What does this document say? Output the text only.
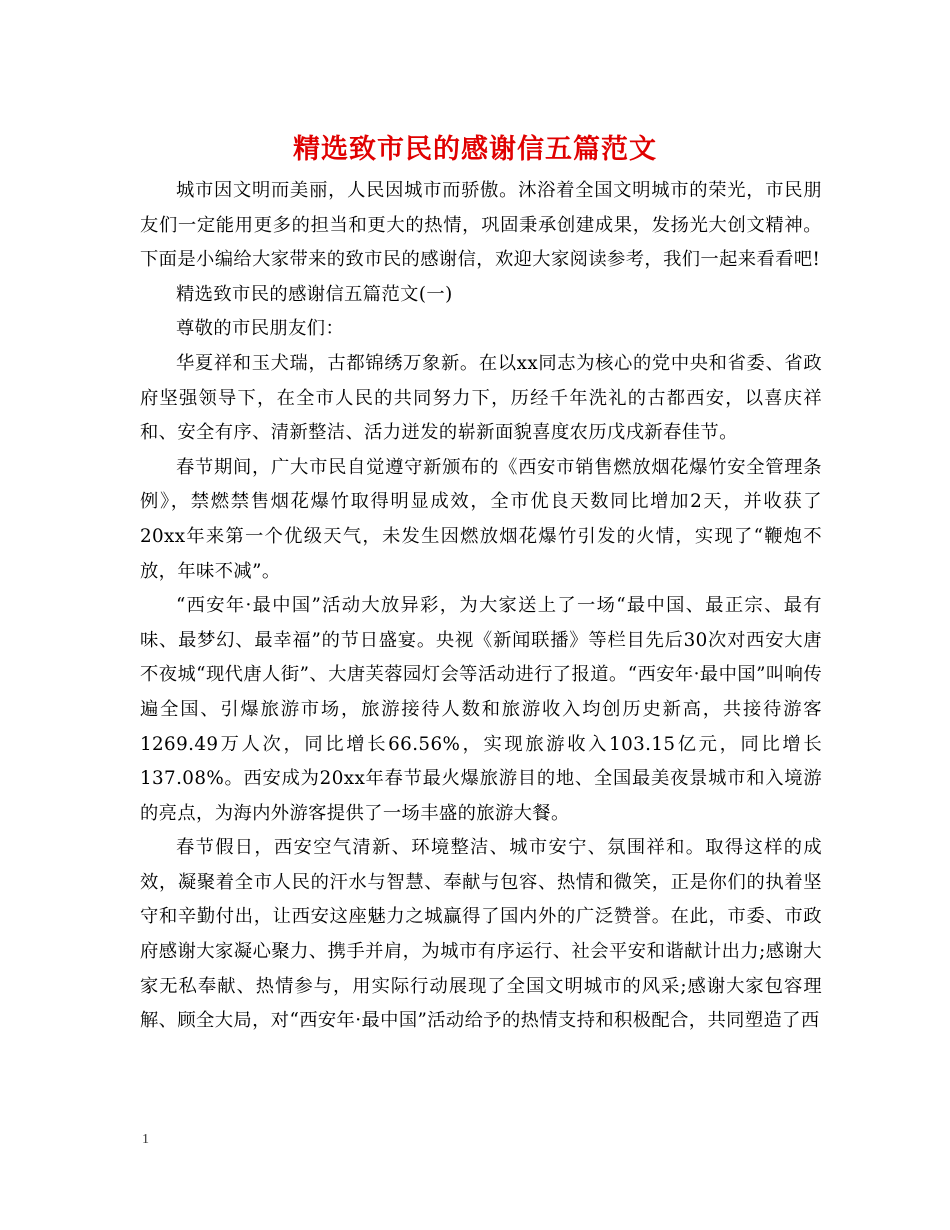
精选致市民的感谢信五篇范文

城市因文明而美丽，人民因城市而骄傲。沐浴着全国文明城市的荣光，市民朋友们一定能用更多的担当和更大的热情，巩固秉承创建成果，发扬光大创文精神。下面是小编给大家带来的致市民的感谢信，欢迎大家阅读参考，我们一起来看看吧!

精选致市民的感谢信五篇范文(一)

尊敬的市民朋友们：

华夏祥和玉犬瑞，古都锦绣万象新。在以xx同志为核心的党中央和省委、省政府坚强领导下，在全市人民的共同努力下，历经千年洗礼的古都西安，以喜庆祥和、安全有序、清新整洁、活力迸发的崭新面貌喜度农历戊戌新春佳节。

春节期间，广大市民自觉遵守新颁布的《西安市销售燃放烟花爆竹安全管理条例》，禁燃禁售烟花爆竹取得明显成效，全市优良天数同比增加2天，并收获了20xx年来第一个优级天气，未发生因燃放烟花爆竹引发的火情，实现了“鞭炮不放，年味不减”。

“西安年·最中国”活动大放异彩，为大家送上了一场“最中国、最正宗、最有味、最梦幻、最幸福”的节日盛宴。央视《新闻联播》等栏目先后30次对西安大唐不夜城“现代唐人街”、大唐芙蓉园灯会等活动进行了报道。“西安年·最中国”叫响传遍全国、引爆旅游市场，旅游接待人数和旅游收入均创历史新高，共接待游客1269.49万人次，同比增长66.56%，实现旅游收入103.15亿元，同比增长137.08%。西安成为20xx年春节最火爆旅游目的地、全国最美夜景城市和入境游的亮点，为海内外游客提供了一场丰盛的旅游大餐。

春节假日，西安空气清新、环境整洁、城市安宁、氛围祥和。取得这样的成效，凝聚着全市人民的汗水与智慧、奉献与包容、热情和微笑，正是你们的执着坚守和辛勤付出，让西安这座魅力之城赢得了国内外的广泛赞誉。在此，市委、市政府感谢大家凝心聚力、携手并肩，为城市有序运行、社会平安和谐献计出力;感谢大家无私奉献、热情参与，用实际行动展现了全国文明城市的风采;感谢大家包容理解、顾全大局，对“西安年·最中国”活动给予的热情支持和积极配合，共同塑造了西

1
